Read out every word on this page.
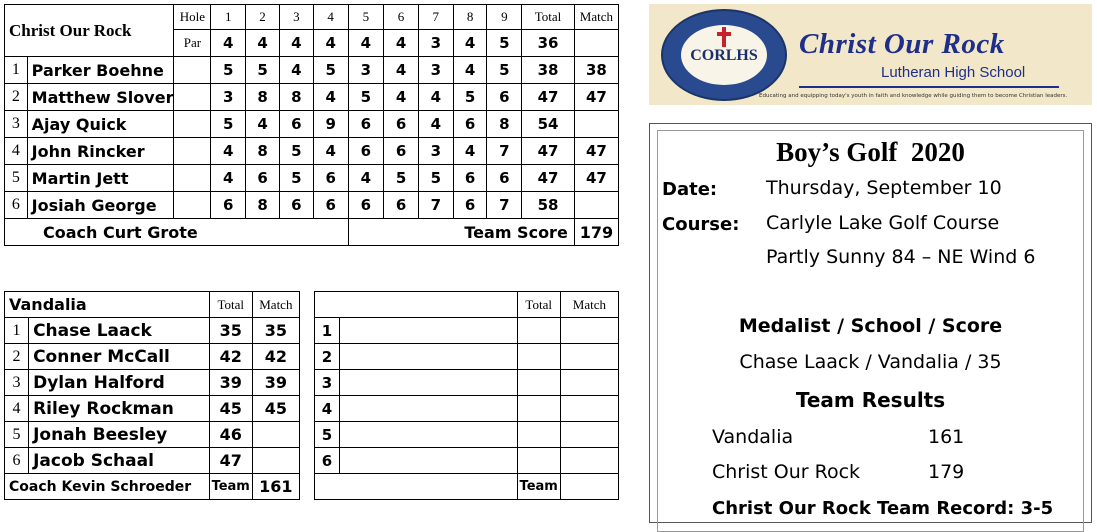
Christ Our Rock		Hole	1	2	3	4	5	6	7	8	9	Total	Match
		Par	4	4	4	4	4	4	3	4	5	36	
1	Parker Boehne		5	5	4	5	3	4	3	4	5	38	38
2	Matthew Slover		3	8	8	4	5	4	4	5	6	47	47
3	Ajay Quick		5	4	6	9	6	6	4	6	8	54	
4	John Rincker		4	8	5	4	6	6	3	4	7	47	47
5	Martin Jett		4	6	5	6	4	5	5	6	6	47	47
6	Josiah George		6	8	6	6	6	6	7	6	7	58	
Coach Curt Grote							Team Score						179
Vandalia		Total	Match				Total	Match
1	Chase Laack	35	35		1			
2	Conner McCall	42	42		2			
3	Dylan Halford	39	39		3			
4	Riley Rockman	45	45		4			
5	Jonah Beesley	46			5			
6	Jacob Schaal	47			6			
Coach Kevin Schroeder		Team	161				Team	
CORLHS	Christ Our Rock
Lutheran High School
Educating and equipping today's youth in faith and knowledge while guiding them to become Christian leaders.
Boy’s Golf  2020
Date:	Thursday, September 10
Course: Carlyle Lake Golf Course
Partly Sunny 84 – NE Wind 6
Medalist / School / Score
Chase Laack / Vandalia / 35
Team Results
Vandalia	161
Christ Our Rock	179
Christ Our Rock Team Record: 3-5
